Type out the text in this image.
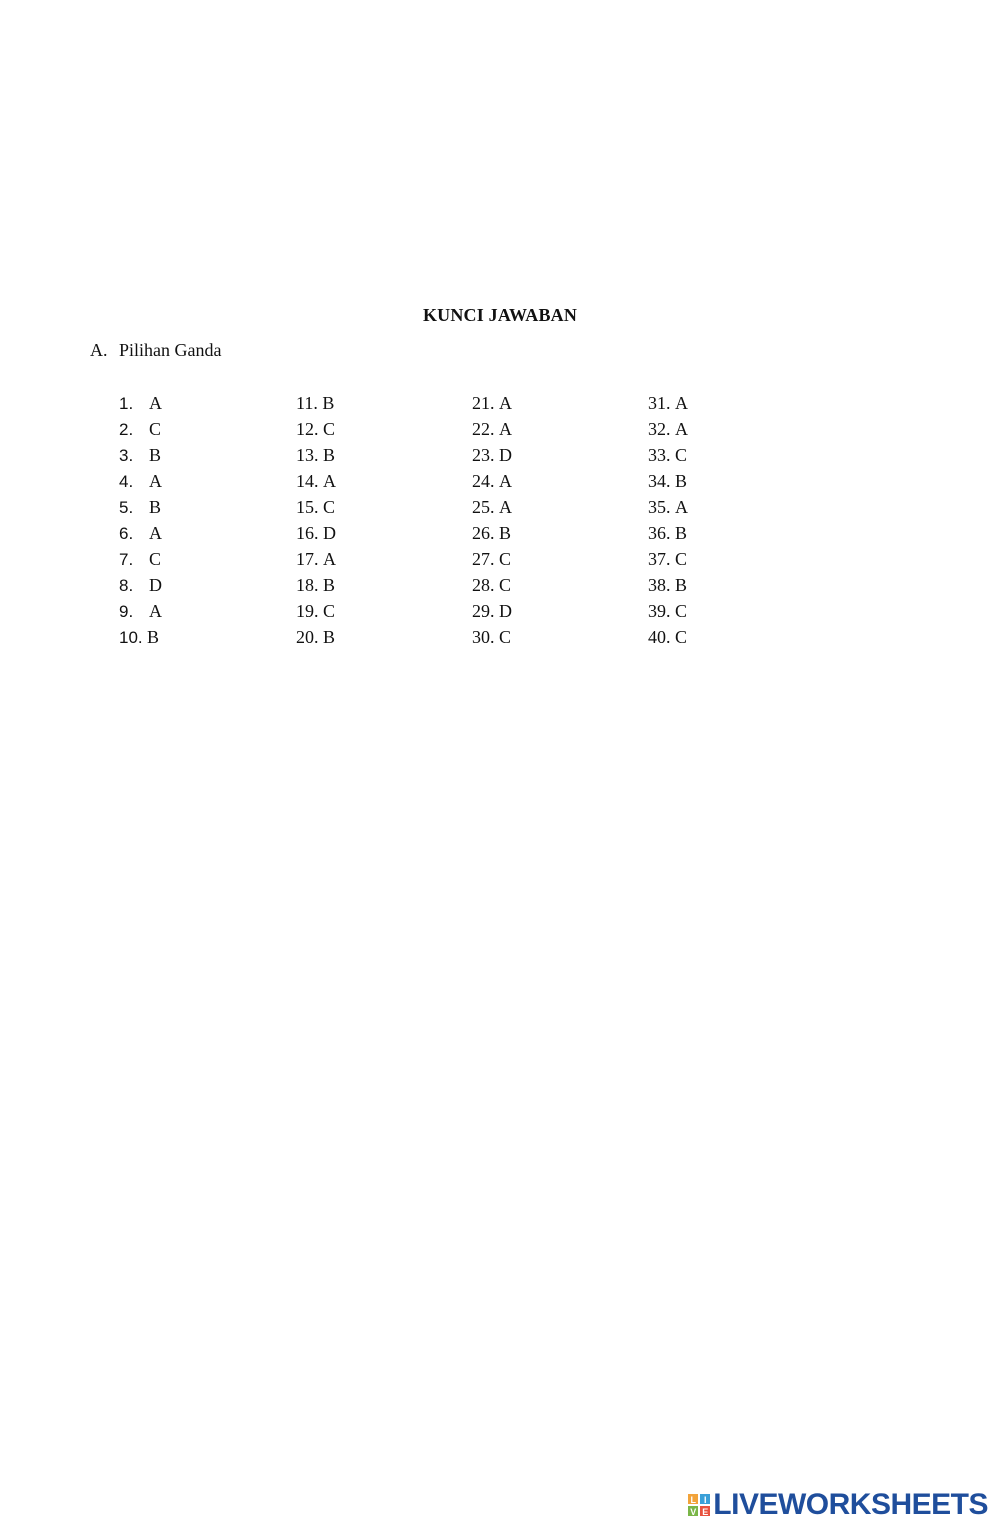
KUNCI JAWABAN
A. Pilihan Ganda
1. A
2. C
3. B
4. A
5. B
6. A
7. C
8. D
9. A
10. B
11. B
12. C
13. B
14. A
15. C
16. D
17. A
18. B
19. C
20. B
21. A
22. A
23. D
24. A
25. A
26. B
27. C
28. C
29. D
30. C
31. A
32. A
33. C
34. B
35. A
36. B
37. C
38. B
39. C
40. C
L I
V E LIVEWORKSHEETS
